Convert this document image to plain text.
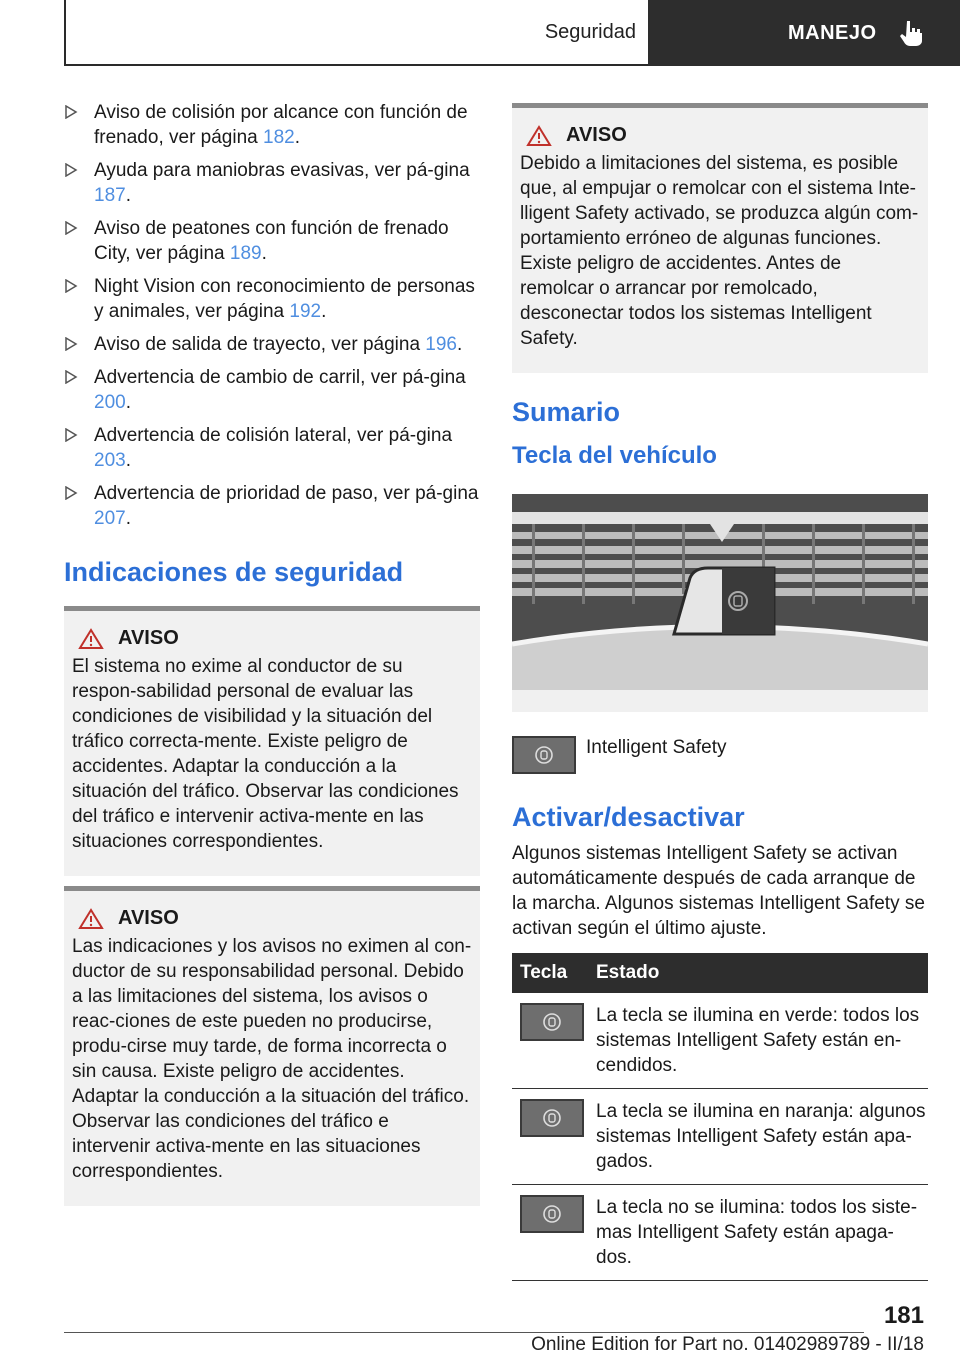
Seguridad	MANEJO
Aviso de colisión por alcance con función de frenado, ver página 182.
Ayuda para maniobras evasivas, ver pá-gina 187.
Aviso de peatones con función de frenado City, ver página 189.
Night Vision con reconocimiento de personas y animales, ver página 192.
Aviso de salida de trayecto, ver página 196.
Advertencia de cambio de carril, ver pá-gina 200.
Advertencia de colisión lateral, ver pá-gina 203.
Advertencia de prioridad de paso, ver pá-gina 207.
Indicaciones de seguridad
AVISO

El sistema no exime al conductor de su respon-sabilidad personal de evaluar las condiciones de visibilidad y la situación del tráfico correcta-mente. Existe peligro de accidentes. Adaptar la conducción a la situación del tráfico. Observar las condiciones del tráfico e intervenir activa-mente en las situaciones correspondientes.

AVISO

Las indicaciones y los avisos no eximen al con-ductor de su responsabilidad personal. Debido a las limitaciones del sistema, los avisos o reac-ciones de este pueden no producirse, produ-cirse muy tarde, de forma incorrecta o sin causa. Existe peligro de accidentes. Adaptar la conducción a la situación del tráfico. Observar las condiciones del tráfico e intervenir activa-mente en las situaciones correspondientes.

AVISO

Debido a limitaciones del sistema, es posible que, al empujar o remolcar con el sistema Inte-lligent Safety activado, se produzca algún com-portamiento erróneo de algunas funciones. Existe peligro de accidentes. Antes de remolcar o arrancar por remolcado, desconectar todos los sistemas Intelligent Safety.

Sumario
Tecla del vehículo
Intelligent Safety
Activar/desactivar

Algunos sistemas Intelligent Safety se activan automáticamente después de cada arranque de la marcha. Algunos sistemas Intelligent Safety se activan según el último ajuste.

Tecla	Estado

	La tecla se ilumina en verde: todos los sistemas Intelligent Safety están en-cendidos.

	La tecla se ilumina en naranja: algunos sistemas Intelligent Safety están apa-gados.

	La tecla no se ilumina: todos los siste-mas Intelligent Safety están apaga-dos.
181
Online Edition for Part no. 01402989789 - II/18
